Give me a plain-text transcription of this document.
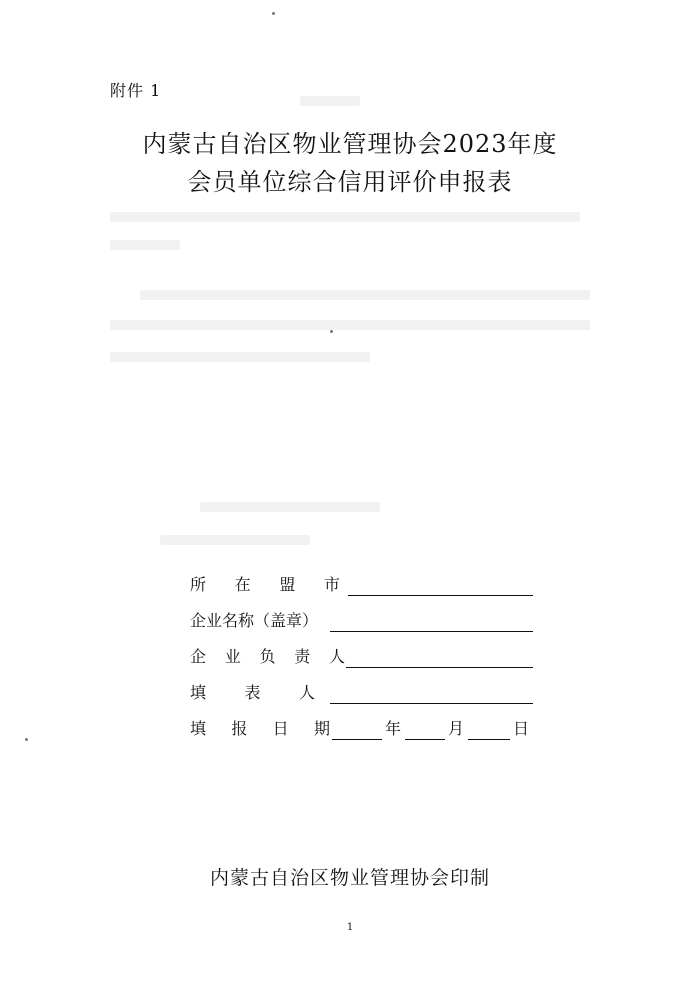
附件 1
内蒙古自治区物业管理协会2023年度
会员单位综合信用评价申报表
所 在 盟 市
企业名称（盖章）
企 业 负 责 人
填 表 人
填 报 日 期	年	月	日
内蒙古自治区物业管理协会印制
1
